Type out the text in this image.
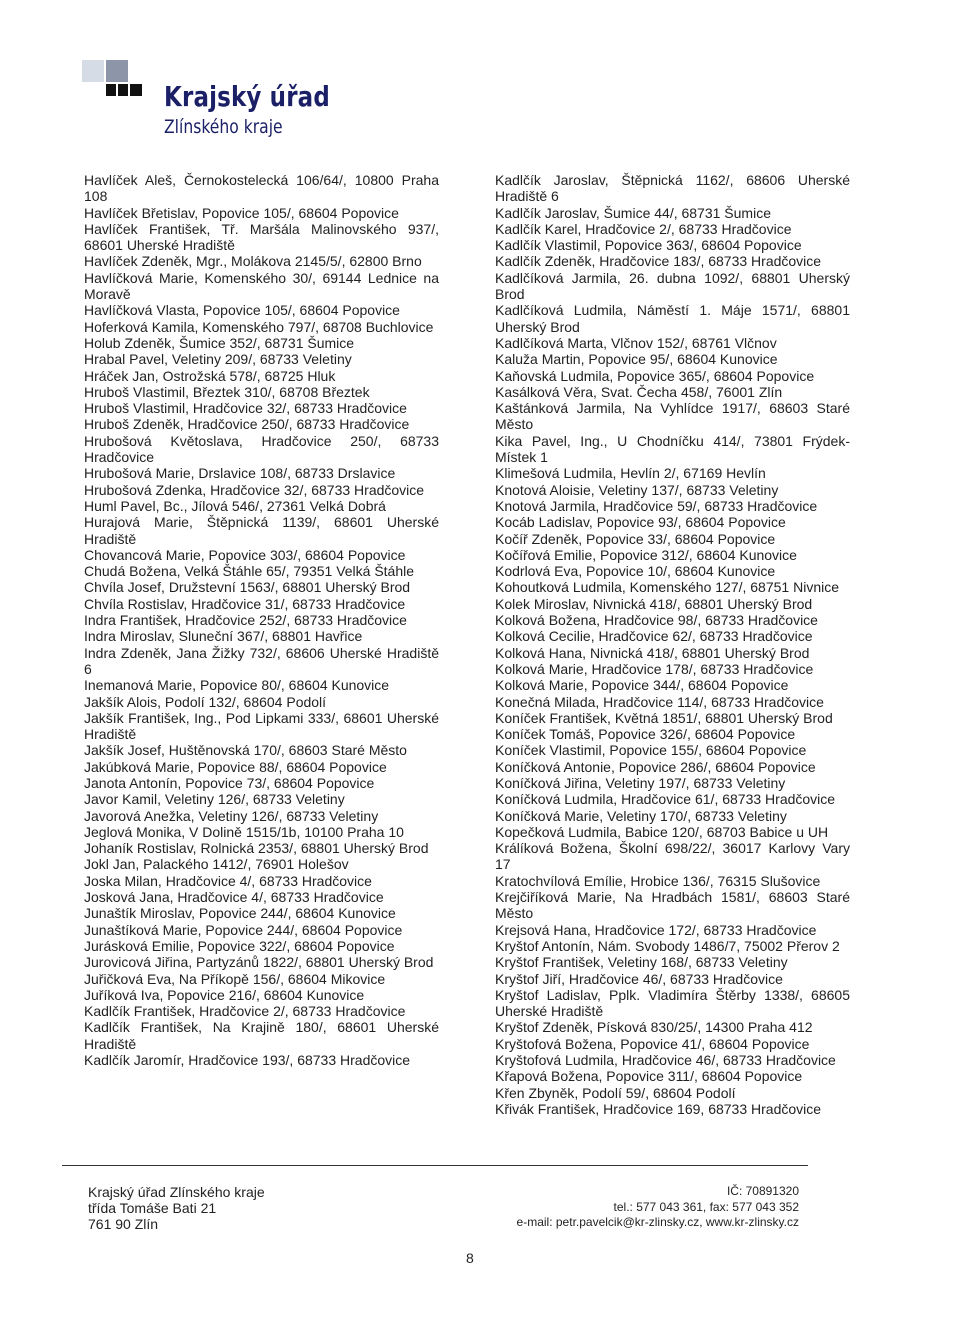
Krajský úřad
Zlínského kraje
Havlíček Aleš, Černokostelecká 106/64/, 10800 Praha 108
Havlíček Břetislav, Popovice 105/, 68604 Popovice
Havlíček František, Tř. Maršála Malinovského 937/, 68601 Uherské Hradiště
Havlíček Zdeněk, Mgr., Molákova 2145/5/, 62800 Brno
Havlíčková Marie, Komenského 30/, 69144 Lednice na Moravě
Havlíčková Vlasta, Popovice 105/, 68604 Popovice
Hoferková Kamila, Komenského 797/, 68708 Buchlovice
Holub Zdeněk, Šumice 352/, 68731 Šumice
Hrabal Pavel, Veletiny 209/, 68733 Veletiny
Hráček Jan, Ostrožská 578/, 68725 Hluk
Hruboš Vlastimil, Březtek 310/, 68708 Březtek
Hruboš Vlastimil, Hradčovice 32/, 68733 Hradčovice
Hruboš Zdeněk, Hradčovice 250/, 68733 Hradčovice
Hrubošová Květoslava, Hradčovice 250/, 68733 Hradčovice
Hrubošová Marie, Drslavice 108/, 68733 Drslavice
Hrubošová Zdenka, Hradčovice 32/, 68733 Hradčovice
Huml Pavel, Bc., Jílová 546/, 27361 Velká Dobrá
Hurajová Marie, Štěpnická 1139/, 68601 Uherské Hradiště
Chovancová Marie, Popovice 303/, 68604 Popovice
Chudá Božena, Velká Štáhle 65/, 79351 Velká Štáhle
Chvíla Josef, Družstevní 1563/, 68801 Uherský Brod
Chvíla Rostislav, Hradčovice 31/, 68733 Hradčovice
Indra František, Hradčovice 252/, 68733 Hradčovice
Indra Miroslav, Sluneční 367/, 68801 Havřice
Indra Zdeněk, Jana Žižky 732/, 68606 Uherské Hradiště 6
Inemanová Marie, Popovice 80/, 68604 Kunovice
Jakšík Alois, Podolí 132/, 68604 Podolí
Jakšík František, Ing., Pod Lipkami 333/, 68601 Uherské Hradiště
Jakšík Josef, Huštěnovská 170/, 68603 Staré Město
Jakúbková Marie, Popovice 88/, 68604 Popovice
Janota Antonín, Popovice 73/, 68604 Popovice
Javor Kamil, Veletiny 126/, 68733 Veletiny
Javorová Anežka, Veletiny 126/, 68733 Veletiny
Jeglová Monika, V Dolině 1515/1b, 10100 Praha 10
Johaník Rostislav, Rolnická 2353/, 68801 Uherský Brod
Jokl Jan, Palackého 1412/, 76901 Holešov
Joska Milan, Hradčovice 4/, 68733 Hradčovice
Josková Jana, Hradčovice 4/, 68733 Hradčovice
Junaštík Miroslav, Popovice 244/, 68604 Kunovice
Junaštíková Marie, Popovice 244/, 68604 Popovice
Jurásková Emilie, Popovice 322/, 68604 Popovice
Jurovicová Jiřina, Partyzánů 1822/, 68801 Uherský Brod
Juřičková Eva, Na Příkopě 156/, 68604 Mikovice
Juříková Iva, Popovice 216/, 68604 Kunovice
Kadlčík František, Hradčovice 2/, 68733 Hradčovice
Kadlčík František, Na Krajině 180/, 68601 Uherské Hradiště
Kadlčík Jaromír, Hradčovice 193/, 68733 Hradčovice
Kadlčík Jaroslav, Štěpnická 1162/, 68606 Uherské Hradiště 6
Kadlčík Jaroslav, Šumice 44/, 68731 Šumice
Kadlčík Karel, Hradčovice 2/, 68733 Hradčovice
Kadlčík Vlastimil, Popovice 363/, 68604 Popovice
Kadlčík Zdeněk, Hradčovice 183/, 68733 Hradčovice
Kadlčíková Jarmila, 26. dubna 1092/, 68801 Uherský Brod
Kadlčíková Ludmila, Náměstí 1. Máje 1571/, 68801 Uherský Brod
Kadlčíková Marta, Vlčnov 152/, 68761 Vlčnov
Kaluža Martin, Popovice 95/, 68604 Kunovice
Kaňovská Ludmila, Popovice 365/, 68604 Popovice
Kasálková Věra, Svat. Čecha 458/, 76001 Zlín
Kaštánková Jarmila, Na Vyhlídce 1917/, 68603 Staré Město
Kika Pavel, Ing., U Chodníčku 414/, 73801 Frýdek-Místek 1
Klimešová Ludmila, Hevlín 2/, 67169 Hevlín
Knotová Aloisie, Veletiny 137/, 68733 Veletiny
Knotová Jarmila, Hradčovice 59/, 68733 Hradčovice
Kocáb Ladislav, Popovice 93/, 68604 Popovice
Kočíř Zdeněk, Popovice 33/, 68604 Popovice
Kočířová Emilie, Popovice 312/, 68604 Kunovice
Kodrlová Eva, Popovice 10/, 68604 Kunovice
Kohoutková Ludmila, Komenského 127/, 68751 Nivnice
Kolek Miroslav, Nivnická 418/, 68801 Uherský Brod
Kolková Božena, Hradčovice 98/, 68733 Hradčovice
Kolková Cecilie, Hradčovice 62/, 68733 Hradčovice
Kolková Hana, Nivnická 418/, 68801 Uherský Brod
Kolková Marie, Hradčovice 178/, 68733 Hradčovice
Kolková Marie, Popovice 344/, 68604 Popovice
Konečná Milada, Hradčovice 114/, 68733 Hradčovice
Koníček František, Květná 1851/, 68801 Uherský Brod
Koníček Tomáš, Popovice 326/, 68604 Popovice
Koníček Vlastimil, Popovice 155/, 68604 Popovice
Koníčková Antonie, Popovice 286/, 68604 Popovice
Koníčková Jiřina, Veletiny 197/, 68733 Veletiny
Koníčková Ludmila, Hradčovice 61/, 68733 Hradčovice
Koníčková Marie, Veletiny 170/, 68733 Veletiny
Kopečková Ludmila, Babice 120/, 68703 Babice u UH
Králíková Božena, Školní 698/22/, 36017 Karlovy Vary 17
Kratochvílová Emílie, Hrobice 136/, 76315 Slušovice
Krejčiříková Marie, Na Hradbách 1581/, 68603 Staré Město
Krejsová Hana, Hradčovice 172/, 68733 Hradčovice
Kryštof Antonín, Nám. Svobody 1486/7, 75002 Přerov 2
Kryštof František, Veletiny 168/, 68733 Veletiny
Kryštof Jiří, Hradčovice 46/, 68733 Hradčovice
Kryštof Ladislav, Pplk. Vladimíra Štěrby 1338/, 68605 Uherské Hradiště
Kryštof Zdeněk, Písková 830/25/, 14300 Praha 412
Kryštofová Božena, Popovice 41/, 68604 Popovice
Kryštofová Ludmila, Hradčovice 46/, 68733 Hradčovice
Křapová Božena, Popovice 311/, 68604 Popovice
Křen Zbyněk, Podolí 59/, 68604 Podolí
Křivák František, Hradčovice 169, 68733 Hradčovice
Krajský úřad Zlínského kraje
třída Tomáše Bati 21
761 90 Zlín
IČ: 70891320
tel.: 577 043 361, fax: 577 043 352
e-mail: petr.pavelcik@kr-zlinsky.cz, www.kr-zlinsky.cz
8
